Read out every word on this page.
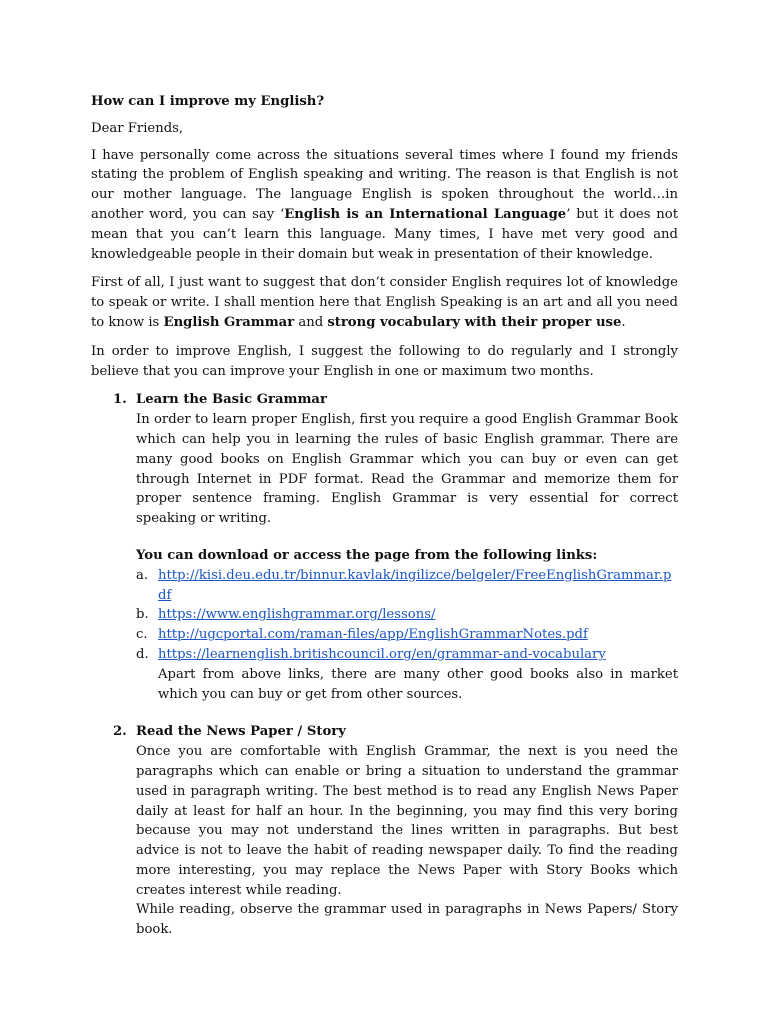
How can I improve my English?

Dear Friends,

I have personally come across the situations several times where I found my friends stating the problem of English speaking and writing. The reason is that English is not our mother language. The language English is spoken throughout the world…in another word, you can say ‘English is an International Language’ but it does not mean that you can’t learn this language. Many times, I have met very good and knowledgeable people in their domain but weak in presentation of their knowledge.

First of all, I just want to suggest that don’t consider English requires lot of knowledge to speak or write. I shall mention here that English Speaking is an art and all you need to know is English Grammar and strong vocabulary with their proper use.

In order to improve English, I suggest the following to do regularly and I strongly believe that you can improve your English in one or maximum two months.

1. Learn the Basic Grammar

In order to learn proper English, first you require a good English Grammar Book which can help you in learning the rules of basic English grammar. There are many good books on English Grammar which you can buy or even can get through Internet in PDF format. Read the Grammar and memorize them for proper sentence framing. English Grammar is very essential for correct speaking or writing.

You can download or access the page from the following links:
a. http://kisi.deu.edu.tr/binnur.kavlak/ingilizce/belgeler/FreeEnglishGrammar.pdf
b. https://www.englishgrammar.org/lessons/
c. http://ugcportal.com/raman-files/app/EnglishGrammarNotes.pdf
d. https://learnenglish.britishcouncil.org/en/grammar-and-vocabulary

Apart from above links, there are many other good books also in market which you can buy or get from other sources.

2. Read the News Paper / Story

Once you are comfortable with English Grammar, the next is you need the paragraphs which can enable or bring a situation to understand the grammar used in paragraph writing. The best method is to read any English News Paper daily at least for half an hour. In the beginning, you may find this very boring because you may not understand the lines written in paragraphs. But best advice is not to leave the habit of reading newspaper daily. To find the reading more interesting, you may replace the News Paper with Story Books which creates interest while reading.

While reading, observe the grammar used in paragraphs in News Papers/ Story book.
